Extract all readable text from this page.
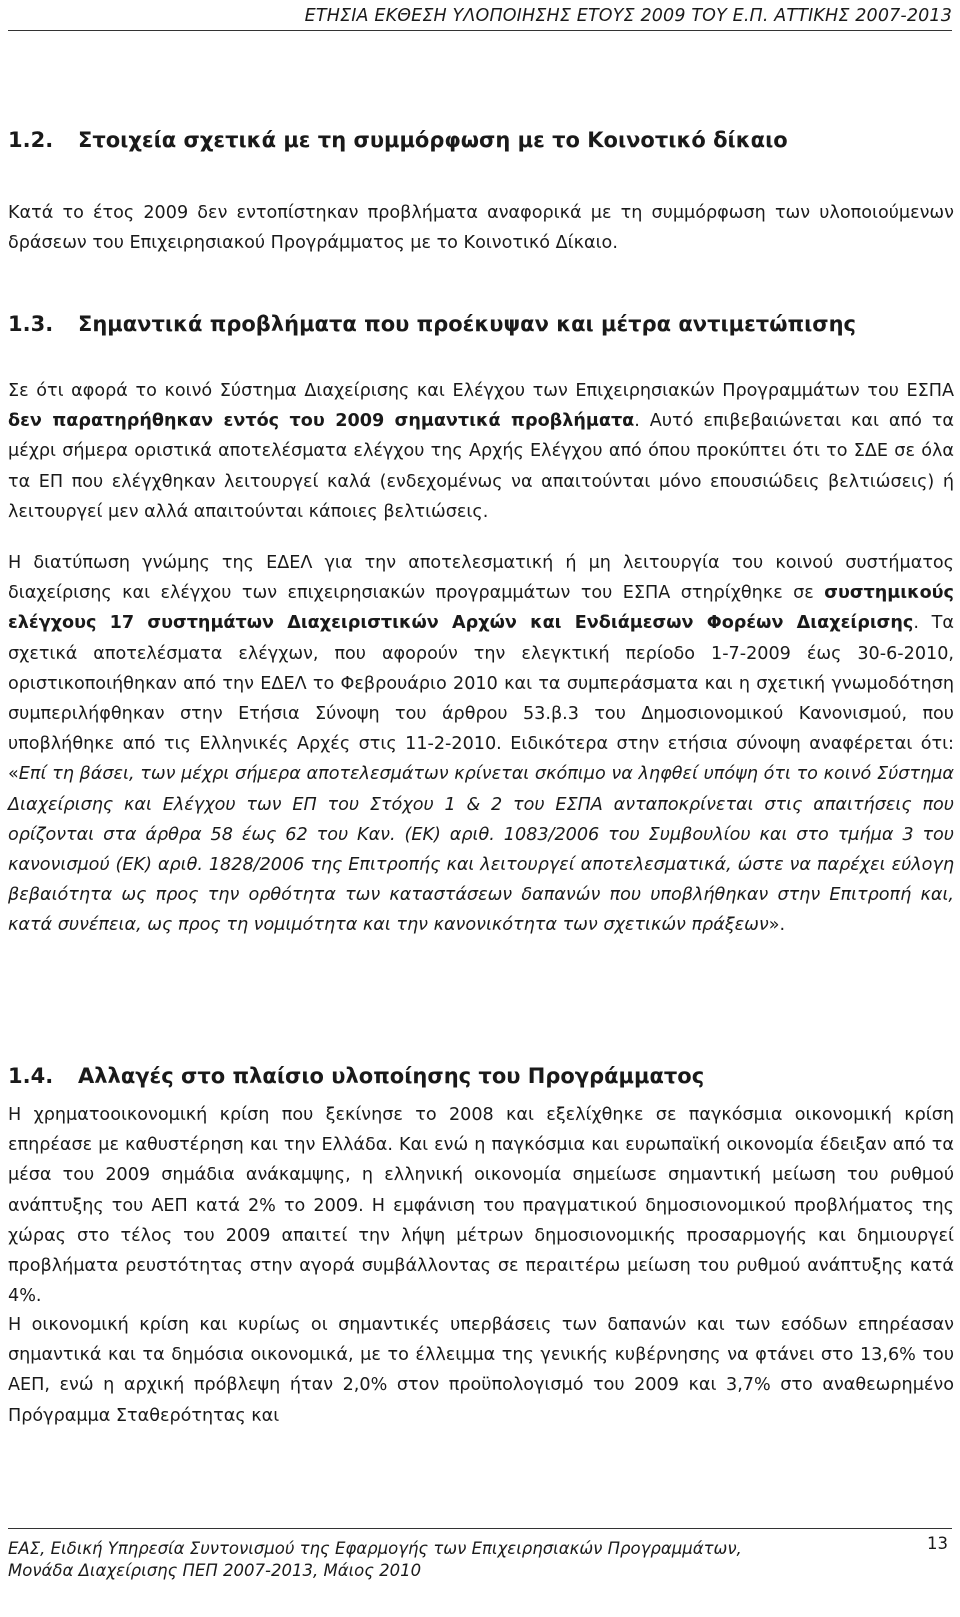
ΕΤΗΣΙΑ ΕΚΘΕΣΗ ΥΛΟΠΟΙΗΣΗΣ ΕΤΟΥΣ 2009 ΤΟΥ Ε.Π. ΑΤΤΙΚΗΣ 2007-2013
1.2. Στοιχεία σχετικά με τη συμμόρφωση με το Κοινοτικό δίκαιο

Κατά το έτος 2009 δεν εντοπίστηκαν προβλήματα αναφορικά με τη συμμόρφωση των υλοποιούμενων δράσεων του Επιχειρησιακού Προγράμματος με το Κοινοτικό Δίκαιο.

1.3. Σημαντικά προβλήματα που προέκυψαν και μέτρα αντιμετώπισης

Σε ότι αφορά το κοινό Σύστημα Διαχείρισης και Ελέγχου των Επιχειρησιακών Προγραμμάτων του ΕΣΠΑ δεν παρατηρήθηκαν εντός του 2009 σημαντικά προβλήματα. Αυτό επιβεβαιώνεται και από τα μέχρι σήμερα οριστικά αποτελέσματα ελέγχου της Αρχής Ελέγχου από όπου προκύπτει ότι το ΣΔΕ σε όλα τα ΕΠ που ελέγχθηκαν λειτουργεί καλά (ενδεχομένως να απαιτούνται μόνο επουσιώδεις βελτιώσεις) ή λειτουργεί μεν αλλά απαιτούνται κάποιες βελτιώσεις.

Η διατύπωση γνώμης της ΕΔΕΛ για την αποτελεσματική ή μη λειτουργία του κοινού συστήματος διαχείρισης και ελέγχου των επιχειρησιακών προγραμμάτων του ΕΣΠΑ στηρίχθηκε σε συστημικούς ελέγχους 17 συστημάτων Διαχειριστικών Αρχών και Ενδιάμεσων Φορέων Διαχείρισης. Τα σχετικά αποτελέσματα ελέγχων, που αφορούν την ελεγκτική περίοδο 1-7-2009 έως 30-6-2010, οριστικοποιήθηκαν από την ΕΔΕΛ το Φεβρουάριο 2010 και τα συμπεράσματα και η σχετική γνωμοδότηση συμπεριλήφθηκαν στην Ετήσια Σύνοψη του άρθρου 53.β.3 του Δημοσιονομικού Κανονισμού, που υποβλήθηκε από τις Ελληνικές Αρχές στις 11-2-2010. Ειδικότερα στην ετήσια σύνοψη αναφέρεται ότι: «Επί τη βάσει, των μέχρι σήμερα αποτελεσμάτων κρίνεται σκόπιμο να ληφθεί υπόψη ότι το κοινό Σύστημα Διαχείρισης και Ελέγχου των ΕΠ του Στόχου 1 & 2 του ΕΣΠΑ ανταποκρίνεται στις απαιτήσεις που ορίζονται στα άρθρα 58 έως 62 του Καν. (ΕΚ) αριθ. 1083/2006 του Συμβουλίου και στο τμήμα 3 του κανονισμού (ΕΚ) αριθ. 1828/2006 της Επιτροπής και λειτουργεί αποτελεσματικά, ώστε να παρέχει εύλογη βεβαιότητα ως προς την ορθότητα των καταστάσεων δαπανών που υποβλήθηκαν στην Επιτροπή και, κατά συνέπεια, ως προς τη νομιμότητα και την κανονικότητα των σχετικών πράξεων».

1.4. Αλλαγές στο πλαίσιο υλοποίησης του Προγράμματος

Η χρηματοοικονομική κρίση που ξεκίνησε το 2008 και εξελίχθηκε σε παγκόσμια οικονομική κρίση επηρέασε με καθυστέρηση και την Ελλάδα. Και ενώ η παγκόσμια και ευρωπαϊκή οικονομία έδειξαν από τα μέσα του 2009 σημάδια ανάκαμψης, η ελληνική οικονομία σημείωσε σημαντική μείωση του ρυθμού ανάπτυξης του ΑΕΠ κατά 2% το 2009. Η εμφάνιση του πραγματικού δημοσιονομικού προβλήματος της χώρας στο τέλος του 2009 απαιτεί την λήψη μέτρων δημοσιονομικής προσαρμογής και δημιουργεί προβλήματα ρευστότητας στην αγορά συμβάλλοντας σε περαιτέρω μείωση του ρυθμού ανάπτυξης κατά 4%.

Η οικονομική κρίση και κυρίως οι σημαντικές υπερβάσεις των δαπανών και των εσόδων επηρέασαν σημαντικά και τα δημόσια οικονομικά, με το έλλειμμα της γενικής κυβέρνησης να φτάνει στο 13,6% του ΑΕΠ, ενώ η αρχική πρόβλεψη ήταν 2,0% στον προϋπολογισμό του 2009 και 3,7% στο αναθεωρημένο Πρόγραμμα Σταθερότητας και

ΕΑΣ, Ειδική Υπηρεσία Συντονισμού της Εφαρμογής των Επιχειρησιακών Προγραμμάτων,
Μονάδα Διαχείρισης ΠΕΠ 2007-2013, Μάιος 2010
13
